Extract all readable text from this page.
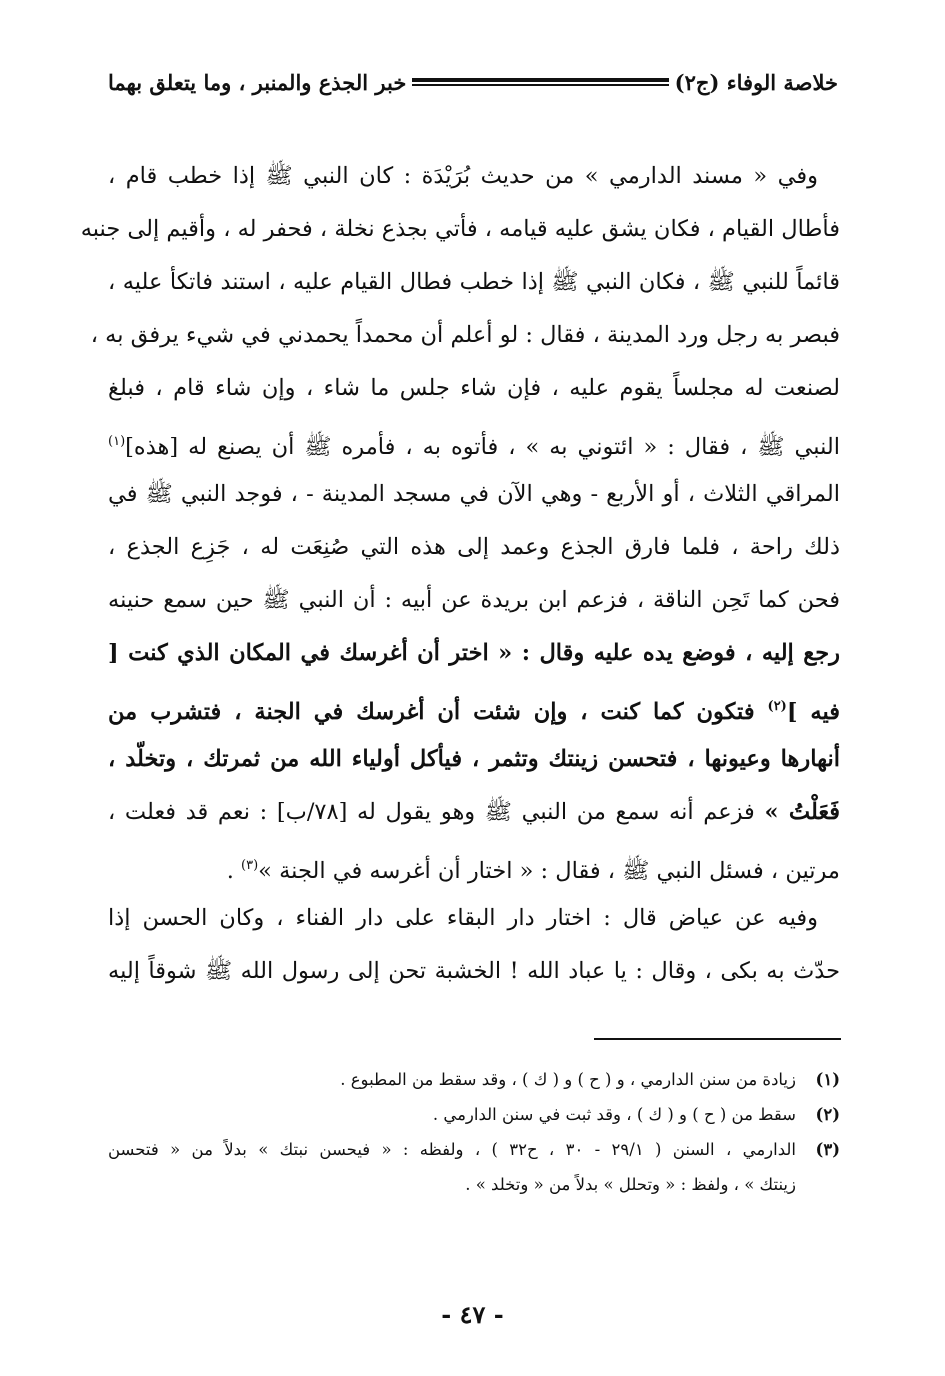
خلاصة الوفاء (ج٢)
خبر الجذع والمنبر ، وما يتعلق بهما
وفي « مسند الدارمي » من حديث بُرَيْدَة : كان النبي ﷺ إذا خطب قام ،
فأطال القيام ، فكان يشق عليه قيامه ، فأتي بجذع نخلة ، فحفر له ، وأقيم إلى جنبه
قائماً للنبي ﷺ ، فكان النبي ﷺ إذا خطب فطال القيام عليه ، استند فاتكأ عليه ،
فبصر به رجل ورد المدينة ، فقال : لو أعلم أن محمداً يحمدني في شيء يرفق به ،
لصنعت له مجلساً يقوم عليه ، فإن شاء جلس ما شاء ، وإن شاء قام ، فبلغ
النبي ﷺ ، فقال : « ائتوني به » ، فأتوه به ، فأمره ﷺ أن يصنع له [هذه]$^{(١)}$
المراقي الثلاث ، أو الأربع - وهي الآن في مسجد المدينة - ، فوجد النبي ﷺ في
ذلك راحة ، فلما فارق الجذع وعمد إلى هذه التي صُنِعَت له ، جَزِع الجذع ،
فحن كما تَحِن الناقة ، فزعم ابن بريدة عن أبيه : أن النبي ﷺ حين سمع حنينه
رجع إليه ، فوضع يده عليه وقال : « اختر أن أغرسك في المكان الذي كنت [
فيه ]$^{(٢)}$ فتكون كما كنت ، وإن شئت أن أغرسك في الجنة ، فتشرب من
أنهارها وعيونها ، فتحسن زينتك وتثمر ، فيأكل أولياء الله من ثمرتك ، وتخلّد ،
فَعَلْتُ » فزعم أنه سمع من النبي ﷺ وهو يقول له [٧٨/ب] : نعم قد فعلت ،
مرتين ، فسئل النبي ﷺ ، فقال : « اختار أن أغرسه في الجنة »$^{(٣)}$ .
وفيه عن عياض قال : اختار دار البقاء على دار الفناء ، وكان الحسن إذا
حدّث به بكى ، وقال : يا عباد الله ! الخشبة تحن إلى رسول الله ﷺ شوقاً إليه
(١)زيادة من سنن الدارمي ، و ( ح ) و ( ك ) ، وقد سقط من المطبوع .
(٢)سقط من ( ح ) و ( ك ) ، وقد ثبت في سنن الدارمي .
(٣)الدارمي ، السنن ( ٢٩/١ - ٣٠ ، ح٣٢ ) ، ولفظه : « فيحسن نبتك » بدلاً من « فتحسن
زينتك » ، ولفظ : « وتحلل » بدلاً من « وتخلد » .
- ٤٧ -
